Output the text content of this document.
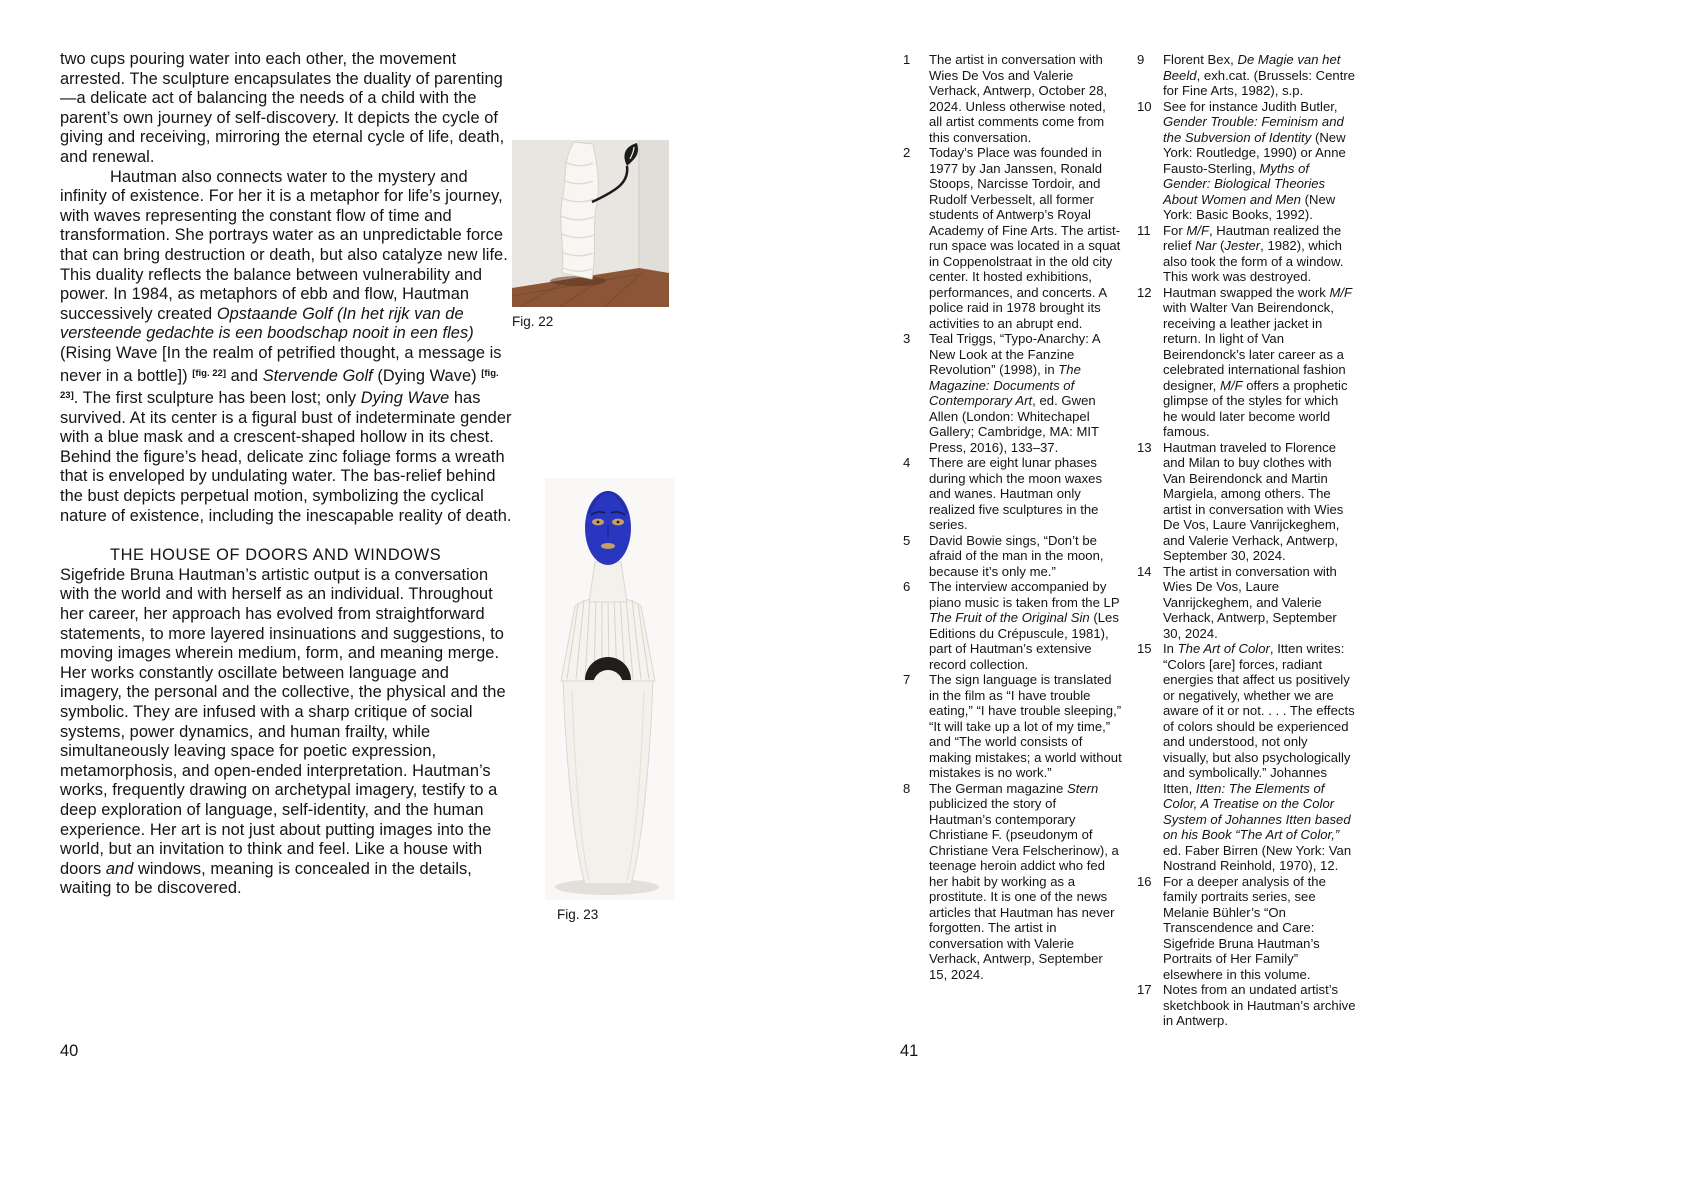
two cups pouring water into each other, the movement arrested. The sculpture encapsulates the duality of parenting—a delicate act of balancing the needs of a child with the parent’s own journey of self-discovery. It depicts the cycle of giving and receiving, mirroring the eternal cycle of life, death, and renewal.
Hautman also connects water to the mystery and infinity of existence. For her it is a metaphor for life’s journey, with waves representing the constant flow of time and transformation. She portrays water as an unpredictable force that can bring destruction or death, but also catalyze new life. This duality reflects the balance between vulnerability and power. In 1984, as metaphors of ebb and flow, Hautman successively created Opstaande Golf (In het rijk van de versteende gedachte is een boodschap nooit in een fles) (Rising Wave [In the realm of petrified thought, a message is never in a bottle]) [fig. 22] and Stervende Golf (Dying Wave) [fig. 23]. The first sculpture has been lost; only Dying Wave has survived. At its center is a figural bust of indeterminate gender with a blue mask and a crescent-shaped hollow in its chest. Behind the figure’s head, delicate zinc foliage forms a wreath that is enveloped by undulating water. The bas-relief behind the bust depicts perpetual motion, symbolizing the cyclical nature of existence, including the inescapable reality of death.
THE HOUSE OF DOORS AND WINDOWS
Sigefride Bruna Hautman’s artistic output is a conversation with the world and with herself as an individual. Throughout her career, her approach has evolved from straightforward statements, to more layered insinuations and suggestions, to moving images wherein medium, form, and meaning merge. Her works constantly oscillate between language and imagery, the personal and the collective, the physical and the symbolic. They are infused with a sharp critique of social systems, power dynamics, and human frailty, while simultaneously leaving space for poetic expression, metamorphosis, and open-ended interpretation. Hautman’s works, frequently drawing on archetypal imagery, testify to a deep exploration of language, self-identity, and the human experience. Her art is not just about putting images into the world, but an invitation to think and feel. Like a house with doors and windows, meaning is concealed in the details, waiting to be discovered.
40
Fig. 22
Fig. 23
1	The artist in conversation with Wies De Vos and Valerie Verhack, Antwerp, October 28, 2024. Unless otherwise noted, all artist comments come from this conversation.
2	Today’s Place was founded in 1977 by Jan Janssen, Ronald Stoops, Narcisse Tordoir, and Rudolf Verbesselt, all former students of Antwerp’s Royal Academy of Fine Arts. The artist-run space was located in a squat in Coppenolstraat in the old city center. It hosted exhibitions, performances, and concerts. A police raid in 1978 brought its activities to an abrupt end.
3	Teal Triggs, “Typo-Anarchy: A New Look at the Fanzine Revolution” (1998), in The Magazine: Documents of Contemporary Art, ed. Gwen Allen (London: Whitechapel Gallery; Cambridge, MA: MIT Press, 2016), 133–37.
4	There are eight lunar phases during which the moon waxes and wanes. Hautman only realized five sculptures in the series.
5	David Bowie sings, “Don’t be afraid of the man in the moon, because it’s only me.”
6	The interview accompanied by piano music is taken from the LP The Fruit of the Original Sin (Les Editions du Crépuscule, 1981), part of Hautman’s extensive record collection.
7	The sign language is translated in the film as “I have trouble eating,” “I have trouble sleeping,” “It will take up a lot of my time,” and “The world consists of making mistakes; a world without mistakes is no work.”
8	The German magazine Stern publicized the story of Hautman’s contemporary Christiane F. (pseudonym of Christiane Vera Felscherinow), a teenage heroin addict who fed her habit by working as a prostitute. It is one of the news articles that Hautman has never forgotten. The artist in conversation with Valerie Verhack, Antwerp, September 15, 2024.
9	Florent Bex, De Magie van het Beeld, exh.cat. (Brussels: Centre for Fine Arts, 1982), s.p.
10 See for instance Judith Butler, Gender Trouble: Feminism and the Subversion of Identity (New York: Routledge, 1990) or Anne Fausto-Sterling, Myths of Gender: Biological Theories About Women and Men (New York: Basic Books, 1992).
11 For M/F, Hautman realized the relief Nar (Jester, 1982), which also took the form of a window. This work was destroyed.
12 Hautman swapped the work M/F with Walter Van Beirendonck, receiving a leather jacket in return. In light of Van Beirendonck’s later career as a celebrated international fashion designer, M/F offers a prophetic glimpse of the styles for which he would later become world famous.
13 Hautman traveled to Florence and Milan to buy clothes with Van Beirendonck and Martin Margiela, among others. The artist in conversation with Wies De Vos, Laure Vanrijckeghem, and Valerie Verhack, Antwerp, September 30, 2024.
14 The artist in conversation with Wies De Vos, Laure Vanrijckeghem, and Valerie Verhack, Antwerp, September 30, 2024.
15 In The Art of Color, Itten writes: “Colors [are] forces, radiant energies that affect us positively or negatively, whether we are aware of it or not. . . . The effects of colors should be experienced and understood, not only visually, but also psychologically and symbolically.” Johannes Itten, Itten: The Elements of Color, A Treatise on the Color System of Johannes Itten based on his Book “The Art of Color,” ed. Faber Birren (New York: Van Nostrand Reinhold, 1970), 12.
16 For a deeper analysis of the family portraits series, see Melanie Bühler’s “On Transcendence and Care: Sigefride Bruna Hautman’s Portraits of Her Family” elsewhere in this volume.
17 Notes from an undated artist’s sketchbook in Hautman’s archive in Antwerp.
41
